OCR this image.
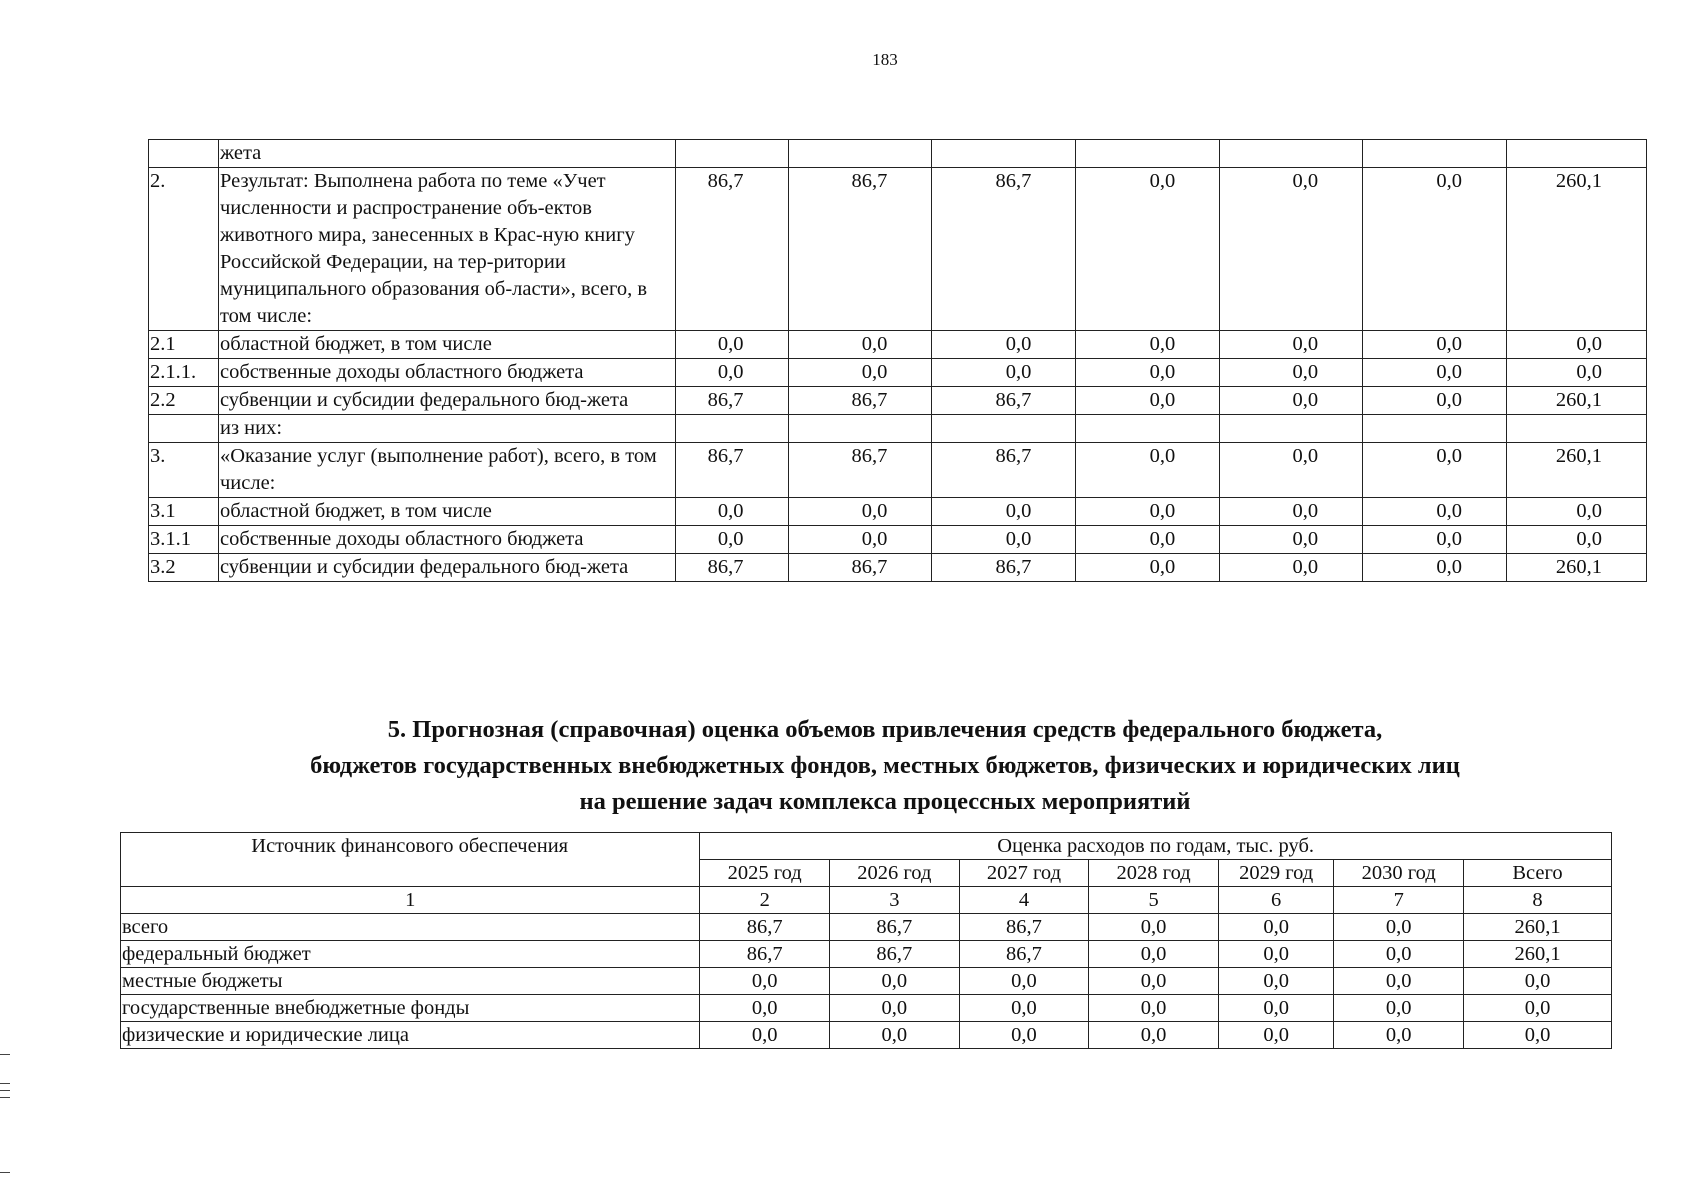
183
	жета							
2.	Результат: Выполнена работа по теме «Учет численности и распространение объ-ектов животного мира, занесенных в Крас-ную книгу Российской Федерации, на тер-ритории муниципального образования об-ласти», всего, в том числе:	86,7	86,7	86,7	0,0	0,0	0,0	260,1
2.1	областной бюджет, в том числе	0,0	0,0	0,0	0,0	0,0	0,0	0,0
2.1.1.	собственные доходы областного бюджета	0,0	0,0	0,0	0,0	0,0	0,0	0,0
2.2	субвенции и субсидии федерального бюд-жета	86,7	86,7	86,7	0,0	0,0	0,0	260,1
	из них:							
3.	«Оказание услуг (выполнение работ), всего, в том числе:	86,7	86,7	86,7	0,0	0,0	0,0	260,1
3.1	областной бюджет, в том числе	0,0	0,0	0,0	0,0	0,0	0,0	0,0
3.1.1	собственные доходы областного бюджета	0,0	0,0	0,0	0,0	0,0	0,0	0,0
3.2	субвенции и субсидии федерального бюд-жета	86,7	86,7	86,7	0,0	0,0	0,0	260,1
5. Прогнозная (справочная) оценка объемов привлечения средств федерального бюджета,
бюджетов государственных внебюджетных фондов, местных бюджетов, физических и юридических лиц
на решение задач комплекса процессных мероприятий
Источник финансового обеспечения	Оценка расходов по годам, тыс. руб.						
	2025 год	2026 год	2027 год	2028 год	2029 год	2030 год	Всего
1	2	3	4	5	6	7	8
всего	86,7	86,7	86,7	0,0	0,0	0,0	260,1
федеральный бюджет	86,7	86,7	86,7	0,0	0,0	0,0	260,1
местные бюджеты	0,0	0,0	0,0	0,0	0,0	0,0	0,0
государственные внебюджетные фонды	0,0	0,0	0,0	0,0	0,0	0,0	0,0
физические и юридические лица	0,0	0,0	0,0	0,0	0,0	0,0	0,0
